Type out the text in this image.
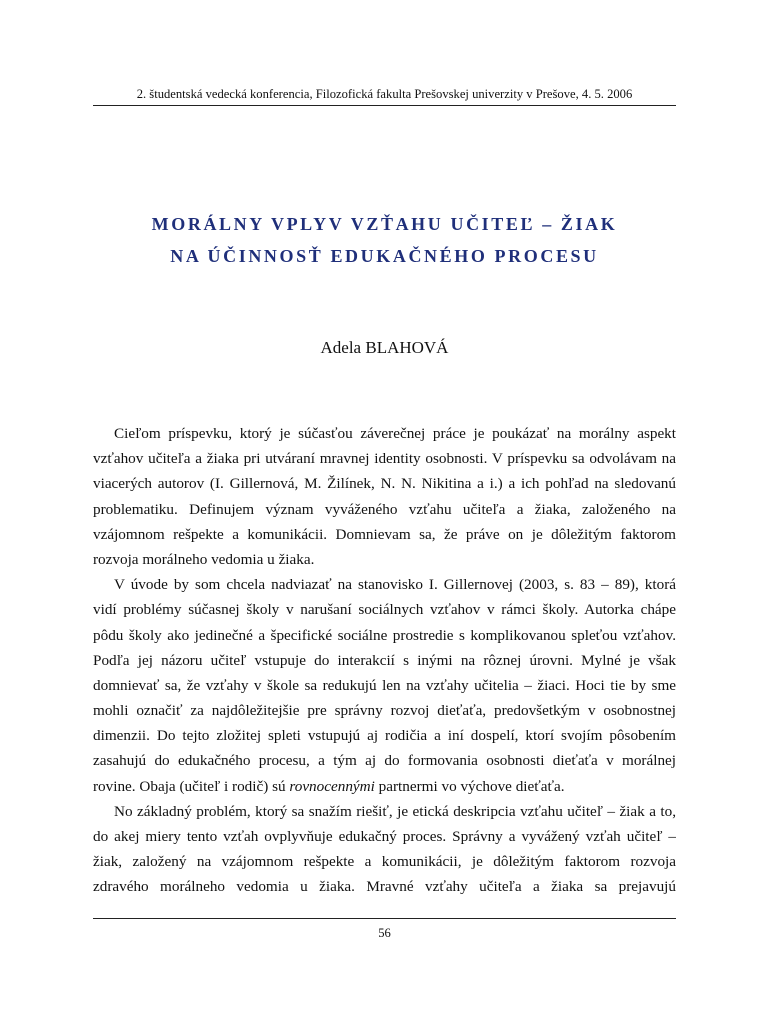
2. študentská vedecká konferencia, Filozofická fakulta Prešovskej univerzity v Prešove, 4. 5. 2006
MORÁLNY VPLYV VZŤAHU UČITEĽ – ŽIAK
NA ÚČINNOSŤ EDUKAČNÉHO PROCESU
Adela BLAHOVÁ
Cieľom príspevku, ktorý je súčasťou záverečnej práce je poukázať na morálny aspekt
vzťahov učiteľa a žiaka pri utváraní mravnej identity osobnosti. V príspevku sa odvolávam na
viacerých autorov (I. Gillernová, M. Žilínek, N. N. Nikitina a i.) a ich pohľad na sledovanú
problematiku. Definujem význam vyváženého vzťahu učiteľa a žiaka, založeného na
vzájomnom rešpekte a komunikácii. Domnievam sa, že práve on je dôležitým faktorom
rozvoja morálneho vedomia u žiaka.
V úvode by som chcela nadviazať na stanovisko I. Gillernovej (2003, s. 83 – 89), ktorá
vidí problémy súčasnej školy v narušaní sociálnych vzťahov v rámci školy. Autorka chápe
pôdu školy ako jedinečné a špecifické sociálne prostredie s komplikovanou spleťou vzťahov.
Podľa jej názoru učiteľ vstupuje do interakcií s inými na rôznej úrovni. Mylné je však
domnievať sa, že vzťahy v škole sa redukujú len na vzťahy učitelia – žiaci. Hoci tie by sme
mohli označiť za najdôležitejšie pre správny rozvoj dieťaťa, predovšetkým v osobnostnej
dimenzii. Do tejto zložitej spleti vstupujú aj rodičia a iní dospelí, ktorí svojím pôsobením
zasahujú do edukačného procesu, a tým aj do formovania osobnosti dieťaťa v morálnej
rovine. Obaja (učiteľ i rodič) sú rovnocennými partnermi vo výchove dieťaťa.
No základný problém, ktorý sa snažím riešiť, je etická deskripcia vzťahu učiteľ – žiak a to,
do akej miery tento vzťah ovplyvňuje edukačný proces. Správny a vyvážený vzťah učiteľ –
žiak, založený na vzájomnom rešpekte a komunikácii, je dôležitým faktorom rozvoja
zdravého morálneho vedomia u žiaka. Mravné vzťahy učiteľa a žiaka sa prejavujú
56
